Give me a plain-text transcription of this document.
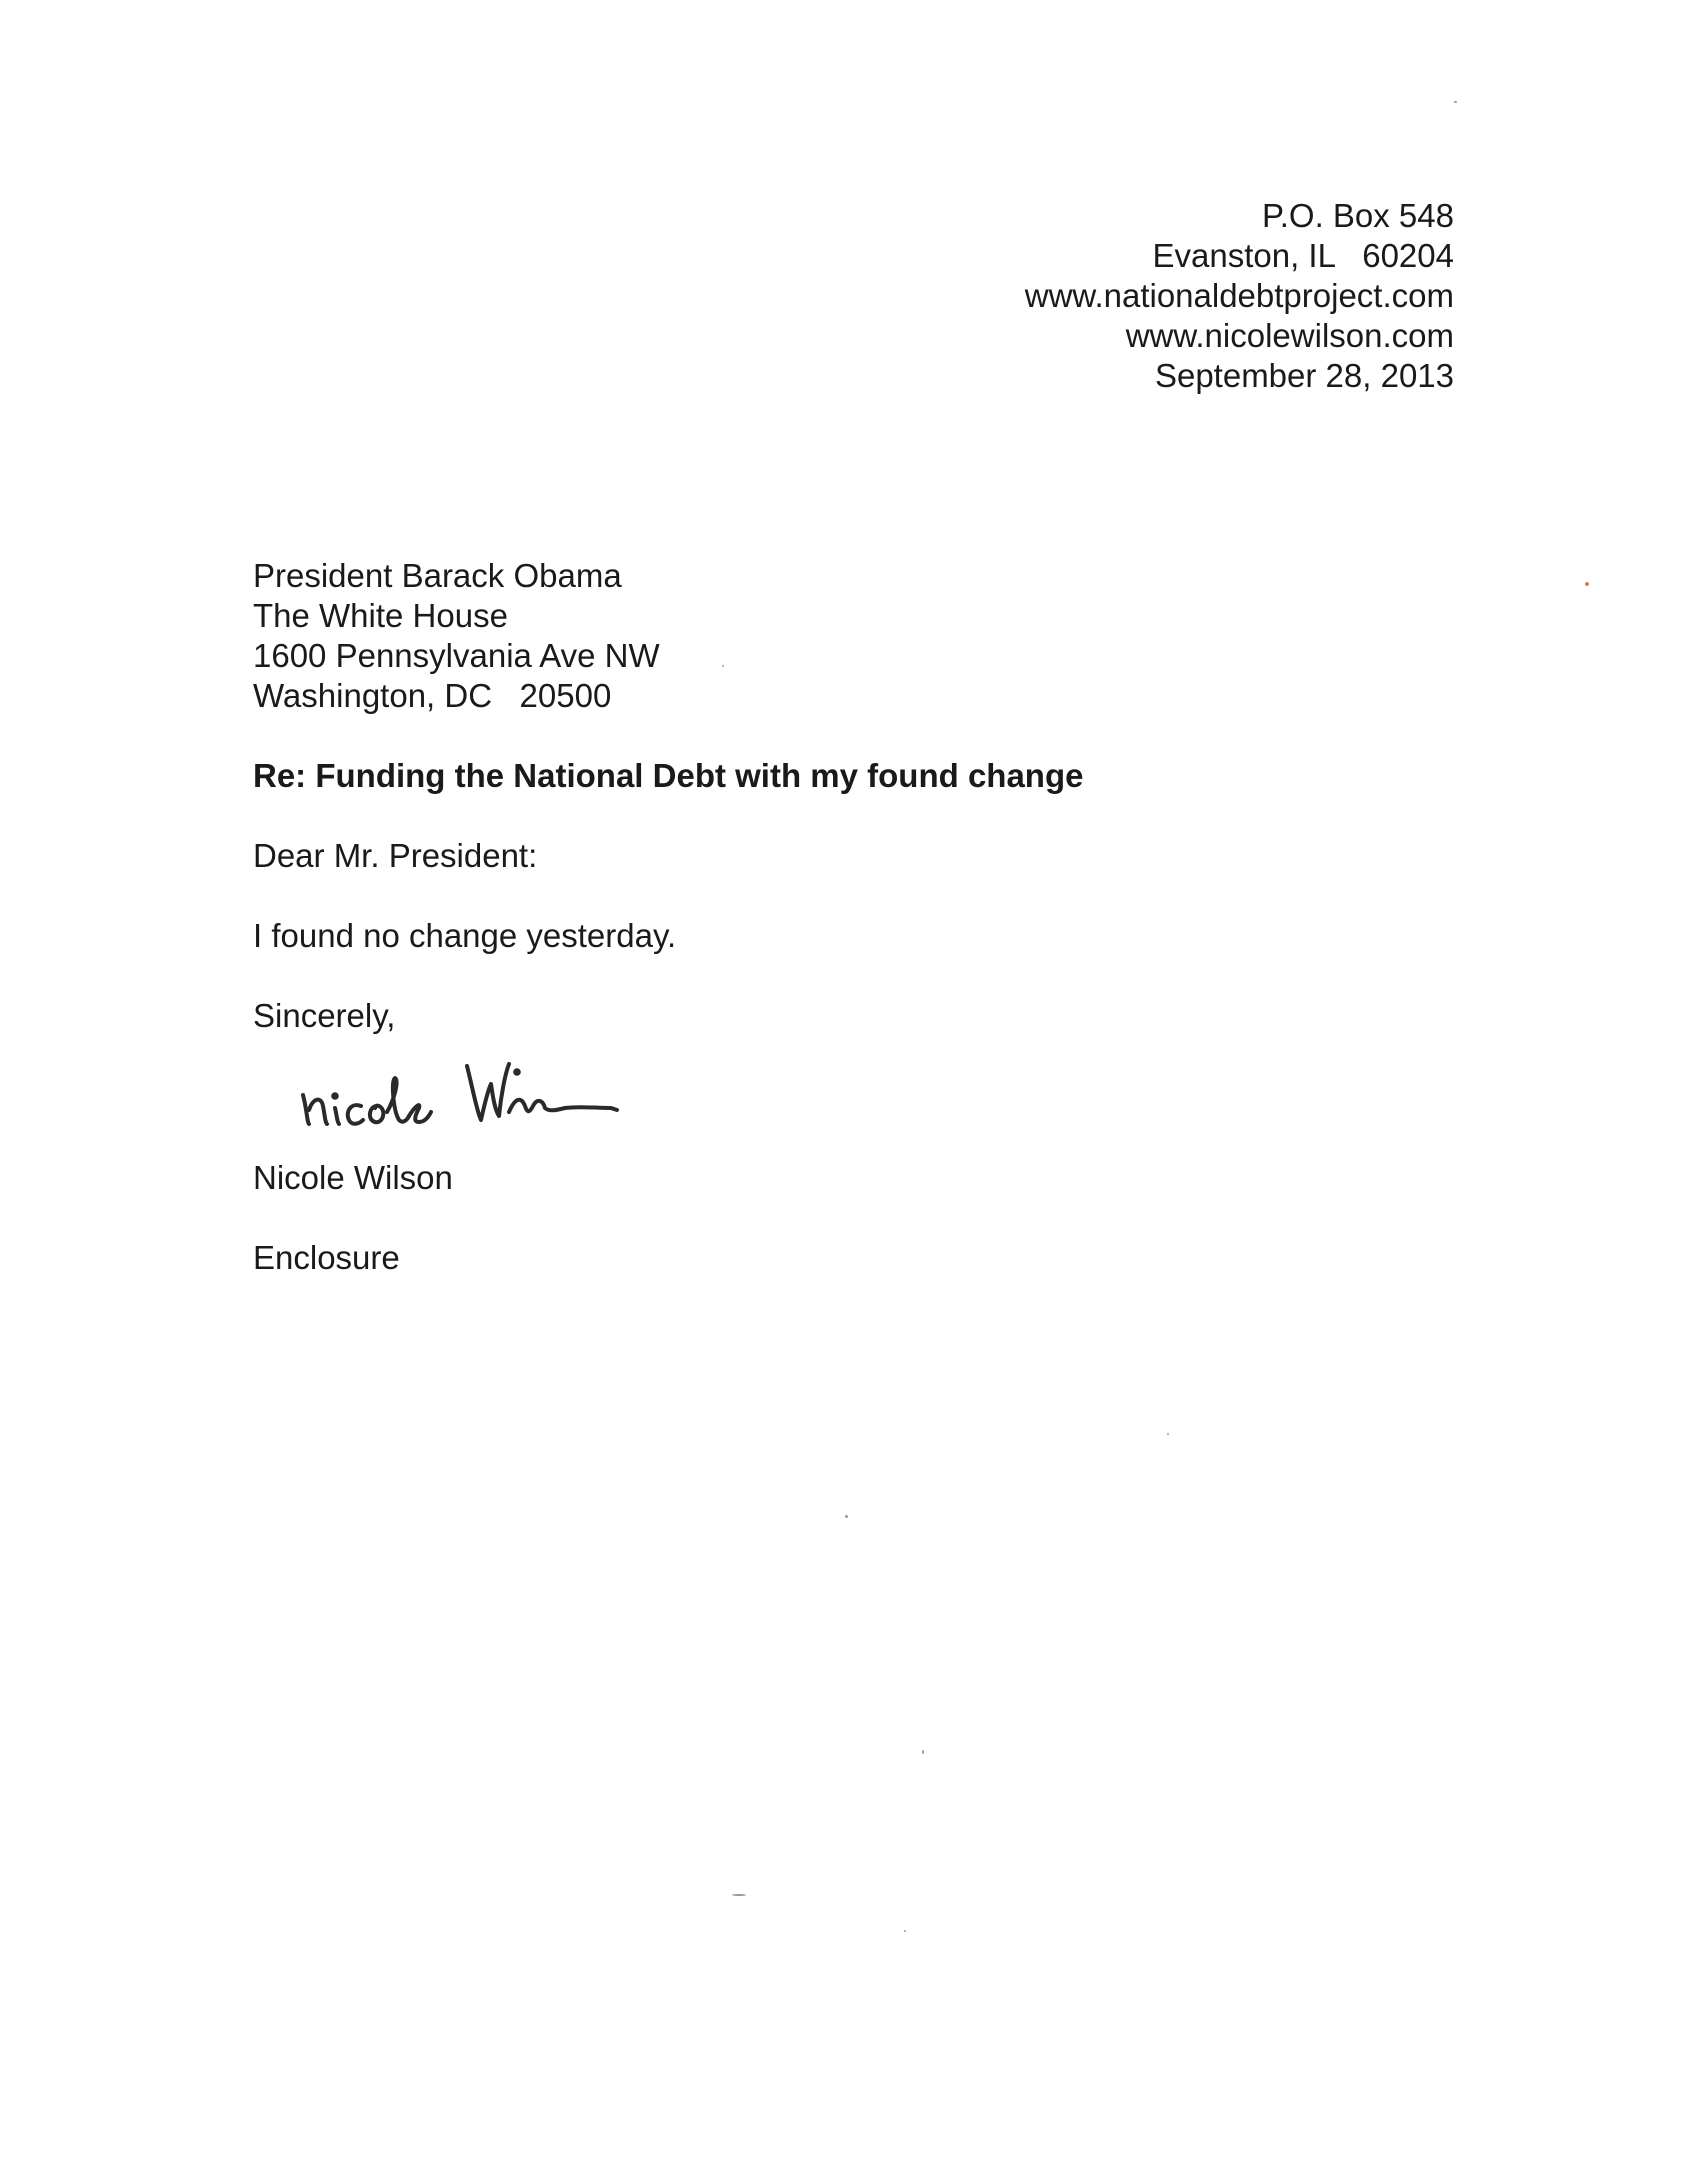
P.O. Box 548
Evanston, IL   60204
www.nationaldebtproject.com
www.nicolewilson.com
September 28, 2013
President Barack Obama
The White House
1600 Pennsylvania Ave NW
Washington, DC   20500
Re: Funding the National Debt with my found change
Dear Mr. President:
I found no change yesterday.
Sincerely,
Nicole Wilson
Enclosure
